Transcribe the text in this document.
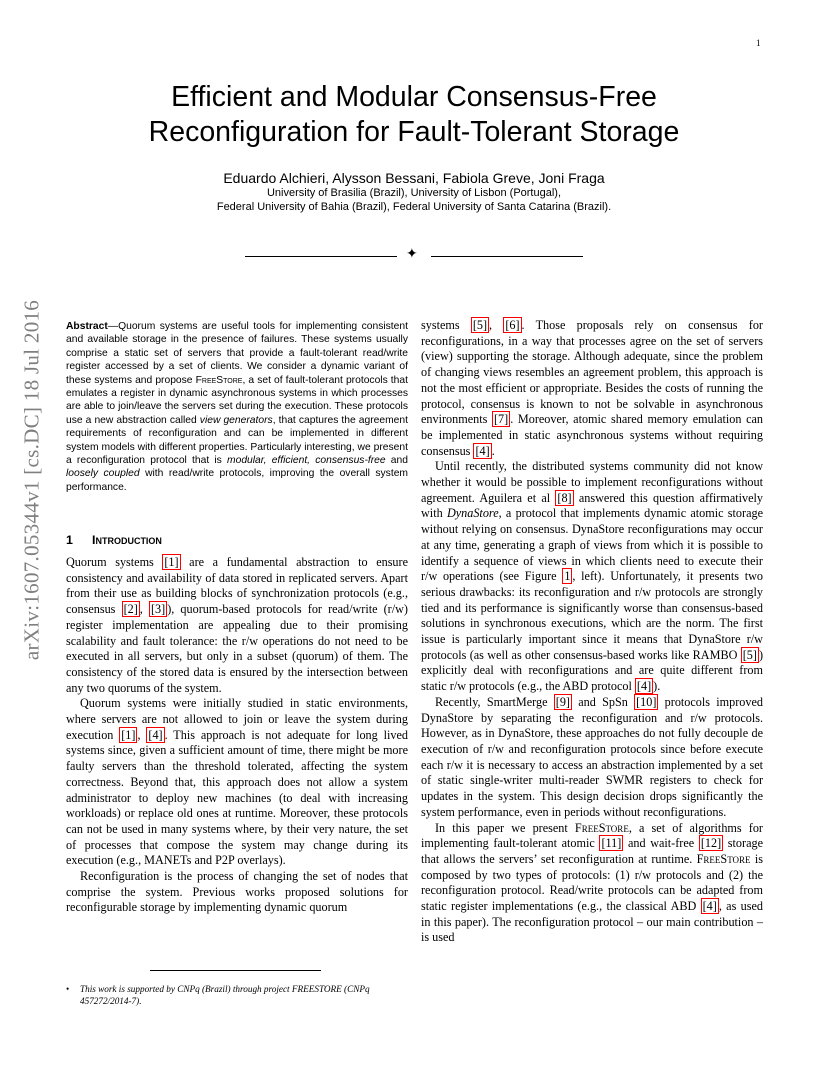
1
Efficient and Modular Consensus-Free
Reconfiguration for Fault-Tolerant Storage
Eduardo Alchieri, Alysson Bessani, Fabiola Greve, Joni Fraga
University of Brasilia (Brazil), University of Lisbon (Portugal),
Federal University of Bahia (Brazil), Federal University of Santa Catarina (Brazil).
✦
arXiv:1607.05344v1 [cs.DC] 18 Jul 2016 Abstract—Quorum systems are useful tools for implementing consistent and available storage in the presence of failures. These systems usually comprise a static set of servers that provide a fault-tolerant read/write register accessed by a set of clients. We consider a dynamic variant of these systems and propose FreeStore, a set of fault-tolerant protocols that emulates a register in dynamic asynchronous systems in which processes are able to join/leave the servers set during the execution. These protocols use a new abstraction called view generators, that captures the agreement requirements of reconfiguration and can be implemented in different system models with different properties. Particularly interesting, we present a reconfiguration protocol that is modular, efficient, consensus-free and loosely coupled with read/write protocols, improving the overall system performance.
1 Introduction

Quorum systems [1] are a fundamental abstraction to ensure consistency and availability of data stored in replicated servers. Apart from their use as building blocks of synchronization protocols (e.g., consensus [2] , [3] ), quorum-based protocols for read/write (r/w) register implementation are appealing due to their promising scalability and fault tolerance: the r/w operations do not need to be executed in all servers, but only in a subset (quorum) of them. The consistency of the stored data is ensured by the intersection between any two quorums of the system.

Quorum systems were initially studied in static environments, where servers are not allowed to join or leave the system during execution [1] , [4] . This approach is not adequate for long lived systems since, given a sufficient amount of time, there might be more faulty servers than the threshold tolerated, affecting the system correctness. Beyond that, this approach does not allow a system administrator to deploy new machines (to deal with increasing workloads) or replace old ones at runtime. Moreover, these protocols can not be used in many systems where, by their very nature, the set of processes that compose the system may change during its execution (e.g., MANETs and P2P overlays).

Reconfiguration is the process of changing the set of nodes that comprise the system. Previous works proposed solutions for reconfigurable storage by implementing dynamic quorum

• This work is supported by CNPq (Brazil) through project FREESTORE (CNPq 457272/2014-7).

systems [5] , [6] . Those proposals rely on consensus for reconfigurations, in a way that processes agree on the set of servers (view) supporting the storage. Although adequate, since the problem of changing views resembles an agreement problem, this approach is not the most efficient or appropriate. Besides the costs of running the protocol, consensus is known to not be solvable in asynchronous environments [7] . Moreover, atomic shared memory emulation can be implemented in static asynchronous systems without requiring consensus [4] .

Until recently, the distributed systems community did not know whether it would be possible to implement reconfigurations without agreement. Aguilera et al [8] answered this question affirmatively with DynaStore, a protocol that implements dynamic atomic storage without relying on consensus. DynaStore reconfigurations may occur at any time, generating a graph of views from which it is possible to identify a sequence of views in which clients need to execute their r/w operations (see Figure 1 , left). Unfortunately, it presents two serious drawbacks: its reconfiguration and r/w protocols are strongly tied and its performance is significantly worse than consensus-based solutions in synchronous executions, which are the norm. The first issue is particularly important since it means that DynaStore r/w protocols (as well as other consensus-based works like RAMBO [5] ) explicitly deal with reconfigurations and are quite different from static r/w protocols (e.g., the ABD protocol [4] ).

Recently, SmartMerge [9] and SpSn [10] protocols improved DynaStore by separating the reconfiguration and r/w protocols. However, as in DynaStore, these approaches do not fully decouple de execution of r/w and reconfiguration protocols since before execute each r/w it is necessary to access an abstraction implemented by a set of static single-writer multi-reader SWMR registers to check for updates in the system. This design decision drops significantly the system performance, even in periods without reconfigurations.

In this paper we present FreeStore, a set of algorithms for implementing fault-tolerant atomic [11] and wait-free [12] storage that allows the servers’ set reconfiguration at runtime. FreeStore is composed by two types of protocols: (1) r/w protocols and (2) the reconfiguration protocol. Read/write protocols can be adapted from static register implementations (e.g., the classical ABD [4] , as used in this paper). The reconfiguration protocol – our main contribution – is used
